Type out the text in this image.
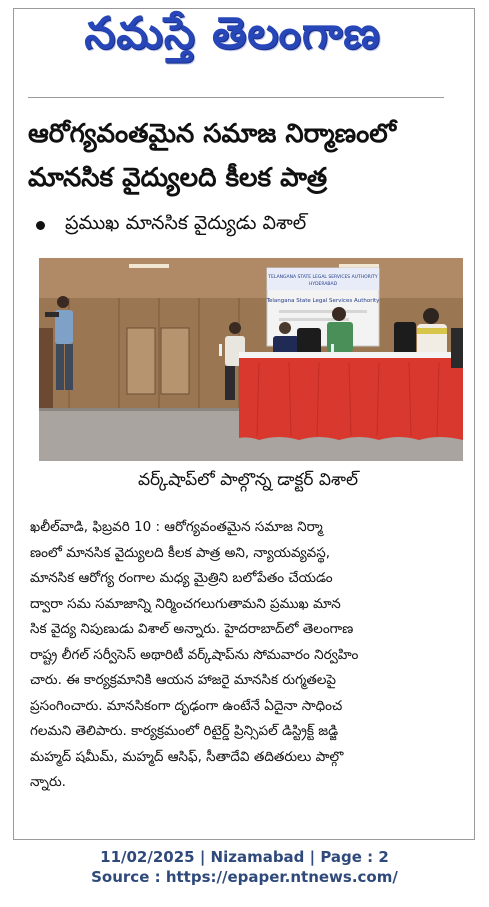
నమస్తే తెలంగాణ
ఆరోగ్యవంతమైన సమాజ నిర్మాణంలో
మానసిక వైద్యులది కీలక పాత్ర
ప్రముఖ మానసిక వైద్యుడు విశాల్
TELANGANA STATE LEGAL SERVICES AUTHORITY
HYDERABAD
Telangana State Legal Services Authority
వర్క్‌షాప్‌లో పాల్గొన్న డాక్టర్ విశాల్
ఖలీల్‌వాడి, ఫిబ్రవరి 10 : ఆరోగ్యవంతమైన సమాజ నిర్మా
ణంలో మానసిక వైద్యులది కీలక పాత్ర అని, న్యాయవ్యవస్థ,
మానసిక ఆరోగ్య రంగాల మధ్య మైత్రిని బలోపేతం చేయడం
ద్వారా సమ సమాజాన్ని నిర్మించగలుగుతామని ప్రముఖ మాన
సిక వైద్య నిపుణుడు విశాల్ అన్నారు. హైదరాబాద్‌లో తెలంగాణ
రాష్ట్ర లీగల్ సర్వీసెస్ అథారిటీ వర్క్‌షాప్‌ను సోమవారం నిర్వహిం
చారు. ఈ కార్యక్రమానికి ఆయన హాజరై మానసిక రుగ్మతలపై
ప్రసంగించారు. మానసికంగా దృఢంగా ఉంటేనే ఏదైనా సాధించ
గలమని తెలిపారు. కార్యక్రమంలో రిటైర్డ్ ప్రిన్సిపల్ డిస్ట్రిక్ట్ జడ్జి
మహ్మద్ షమీమ్, మహ్మద్ ఆసిఫ్, సీతాదేవి తదితరులు పాల్గొ
న్నారు.
11/02/2025 | Nizamabad | Page : 2
Source : https://epaper.ntnews.com/
